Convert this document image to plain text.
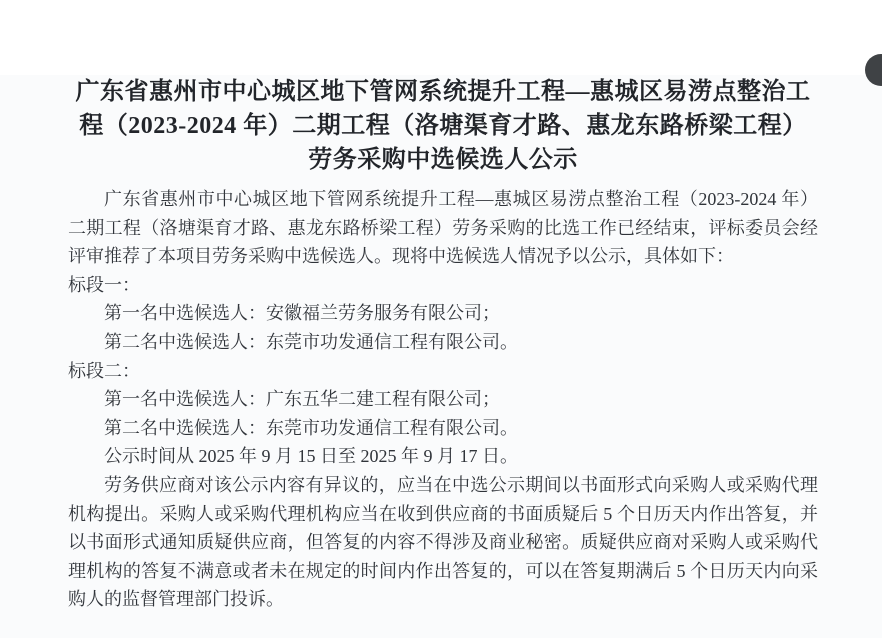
广东省惠州市中心城区地下管网系统提升工程—惠城区易涝点整治工
程（2023-2024 年）二期工程（洛塘渠育才路、惠龙东路桥梁工程）
劳务采购中选候选人公示
广东省惠州市中心城区地下管网系统提升工程—惠城区易涝点整治工程（2023-2024 年）
二期工程（洛塘渠育才路、惠龙东路桥梁工程）劳务采购的比选工作已经结束，评标委员会经
评审推荐了本项目劳务采购中选候选人。现将中选候选人情况予以公示，具体如下：
标段一：
第一名中选候选人：安徽福兰劳务服务有限公司；
第二名中选候选人：东莞市功发通信工程有限公司。
标段二：
第一名中选候选人：广东五华二建工程有限公司；
第二名中选候选人：东莞市功发通信工程有限公司。
公示时间从 2025 年 9 月 15 日至 2025 年 9 月 17 日。
劳务供应商对该公示内容有异议的，应当在中选公示期间以书面形式向采购人或采购代理
机构提出。采购人或采购代理机构应当在收到供应商的书面质疑后 5 个日历天内作出答复，并
以书面形式通知质疑供应商，但答复的内容不得涉及商业秘密。质疑供应商对采购人或采购代
理机构的答复不满意或者未在规定的时间内作出答复的，可以在答复期满后 5 个日历天内向采
购人的监督管理部门投诉。
